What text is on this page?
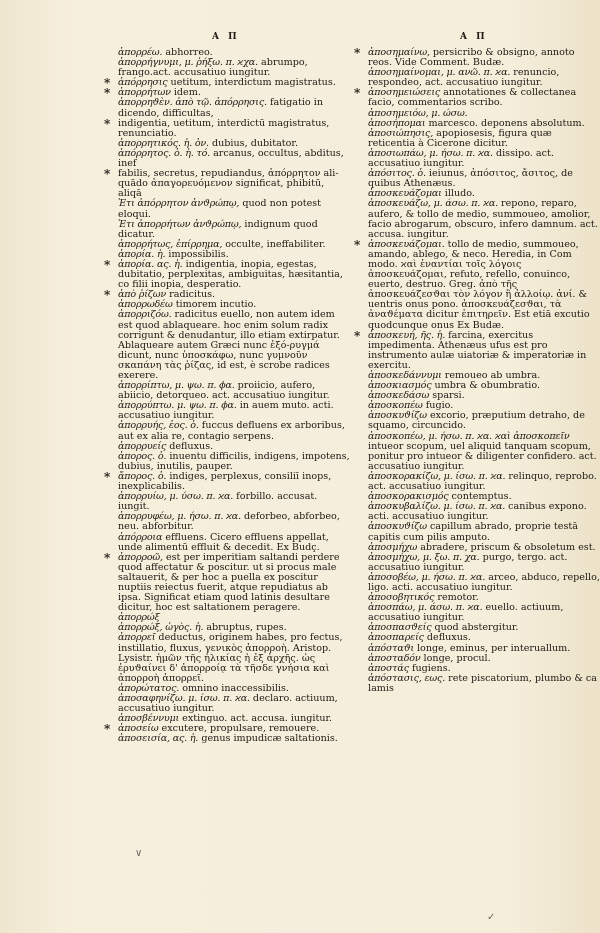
A Π	A Π
ἀπορρέω. abhorreo.
ἀπορρήγνυμι, μ. ῥήξω. π. ϰχα. abrumpo, frango.act. accusatiuo iungitur.
* ἀπόρρησις uetitum, interdictum magistratus.
* ἀπορρήτων idem.
ἀπορρηϑὲν. ἀπὸ τῷ. ἀπόρρησις. fatigatio in dicendo, difficultas,
* indigentia, uetitum, interdictū magistratus, renunciatio.
ἀπορρητικός. ἡ. ὁν. dubius, dubitator.
ἀπόρρητος. ὁ. ἡ. τό. arcanus, occultus, abditus, inef
* fabilis, secretus, repudiandus, ἀπόρρητον ali-quādo ἀπαγορευόμενον significat, phibitū, aliqā
Ἐτι ἀπόρρητον ἀνϑρώπῳ, quod non potest eloqui.
Ἐτι ἀπορρήτων ἀνϑρώπῳ, indignum quod dicatur.
ἀπορρήτως, ἐπίρρημα, occulte, ineffabiliter.
ἀπορία. ἡ. impossibilis.
* ἀπορία. ας. ἡ. indigentia, inopia, egestas, dubitatio, perplexitas, ambiguitas, hæsitantia, co filii inopia, desperatio.
* ἀπὸ ῥίζων radicitus.
ἀπορρωδέω timorem incutio.
ἀπορριζόω. radicitus euello, non autem idem est quod ablaqueare. hoc enim solum radix corrigunt & denudantur, illo etiam extirpatur. Ablaqueare autem Græci nunc ἐξό-ρυγμά dicunt, nunc ὑποσκάφω, nunc γυμνοῦν σκαπάνη τὰς ῥίζας, id est, è scrobe radices exerere.
ἀπορρίπτω, μ. ψω. π. ϕα. proiicio, aufero, abiicio, detorqueo. act. accusatiuo iungitur.
ἀπορρύπτω. μ. ψω. π. ϕα. in auem muto. acti. accusatiuo iungitur.
ἀπορρυής, ἐος. ὁ. fuccus defluens ex arboribus, aut ex alia re, contagio serpens.
ἀπορρυείς defluxus.
ἀπορος. ὁ. inuentu difficilis, indigens, impotens, dubius, inutilis, pauper.
* ἄπορος. ὁ. indiges, perplexus, consiliī inops, inexplicabilis.
ἀπορρυίω, μ. ύσω. π. ϰα. forbillo. accusat. iungit.
ἀπορρυφέω, μ. ήσω. π. ϰα. deforbeo, abforbeo, neu. abforbitur.
ἀπόρροια effluens. Cicero effluens appellat, unde alimentū effluit & decedit. Ex Budç.
* ἀπορροῶ, est per imperitiam saltandi perdere quod affectatur & poscitur. ut si procus male saltauerit, & per hoc a puella ex poscitur nuptiis reiectus fuerit, atque repudiatus ab ipsa. Significat etiam quod latinis desultare dicitur, hoc est saltationem peragere.
ἀπορρώξ
ἀπορρώξ, ὠγὸς. ἡ. abruptus, rupes.
ἀπορρεῖ deductus, originem habes, pro fectus, instillatio, fluxus, γενικὸς ἀπορροὴ. Aristop. Lysistr. ἡμῶν τῆς ἡλικίας ἡ ἐξ ἀρχῆς. ὡς ἐρυϑαίνει δ' ἀπορροίᾳ τὰ τῆσδε γνήσια καὶ ἀπορροὴ ἀπορρεῖ.
ἀπορώτατος. omnino inaccessibilis.
ἀποσαφηνίζω. μ. ίσω. π. ϰα. declaro. actiuum, accusatiuo iungitur.
ἀποσβέννυμι extinguo. act. accusa. iungitur.
* ἀποσείω excutere, propulsare, remouere.
ἀποσεισία, ας. ἡ. genus impudicæ saltationis.
* ἀποσημαίνω, persicribo & obsigno, annoto reos. Vide Comment. Budæ.
ἀποσημαίνομαι, μ. ανῶ. π. ϰα. renuncio, respondeo, act. accusatiuo iungitur.
* ἀποσημειώσεις annotationes & collectanea facio, commentarios scribo.
ἀποσημειόω, μ. ώσω.
ἀποσήπομαι marcesco. deponens absolutum.
ἀποσιώπησις, apopiosesis, figura quæ reticentia à Cicerone dicitur.
ἀποσιωπάω, μ. ήσω. π. ϰα. dissipo. act. accusatiuo iungitur.
ἀπόσιτος. ὁ. ieiunus, ἀπόσιτος, ἄσιτος, de quibus Athenæus.
ἀποσκευάζομαι illudo.
ἀποσκευάζω, μ. άσω. π. ϰα. repono, reparo, aufero, & tollo de medio, summoueo, amolior, facio abrogarum, obscuro, infero damnum. act. accusa. iungitur.
* ἀποσκευάζομαι. tollo de medio, summoueo, amando, ablego, & neco. Heredia, in Com modo. ϰαὶ ἐναντίαι τοῖς λόγοις ἀποσκευάζομαι, refuto, refello, conuinco, euerto, destruo. Greg. ἀπὸ τῆς ἀποσκευάζεσϑαι τὸν λόγον ἢ ἀλλοίῳ. ἀνί. & uentris onus pono. ἀποσκευάζεσϑαι, τὰ ἀναϑέματα dicitur ἐπιτηρεῖν. Est etiā excutio quodcunque onus Ex Budæ.
* ἀποσκευή, ῆς. ἡ. farcina, exercitus impedimenta. Athenæus ufus est pro instrumento aulæ uiatoriæ & imperatoriæ in exercitu.
ἀποσκεδάννυμι remoueo ab umbra.
ἀποσκιασμός umbra & obumbratio.
ἀποσκεδάσω sparsi.
ἀποσκοπέω fugio.
ἀποσκυϑίζω excorio, præputium detraho, de squamo, circuncido.
ἀποσκοπέω, μ. ήσω. π. ϰα. ϰαὶ ἀποσκοπεῖν intueor scopum, uel aliquid tanquam scopum, ponitur pro intueor & diligenter confidero. act. accusatiuo iungitur.
ἀποσκορακίζω, μ. ίσω. π. ϰα. relinquo, reprobo. act. accusatiuo iungitur.
ἀποσκορακισμός contemptus.
ἀποσκυβαλίζω. μ. ίσω. π. ϰα. canibus expono. acti. accusatiuo iungitur.
ἀποσκυϑίζω capillum abrado, proprie testā capitis cum pilis amputo.
ἀποσμήχω abradere, priscum & obsoletum est.
ἀποσμήχω, μ. ξω. π. χα. purgo, tergo. act. accusatiuo iungitur.
ἀποσοβέω, μ. ήσω. π. ϰα. arceo, abduco, repello, ligo. acti. accusatiuo iungitur.
ἀποσοβητικός remotor.
ἀποσπάω, μ. άσω. π. ϰα. euello. actiuum, accusatiuo iungitur.
ἀποσπασϑείς quod abstergitur.
ἀποσπαρείς defluxus.
ἀπόσταϑι longe, eminus, per interuallum.
ἀποσταδόν longe, procul.
ἀποστάς fugiens.
ἀπόστασις, εως. rete piscatorium, plumbo & ca lamis
∨
✓
